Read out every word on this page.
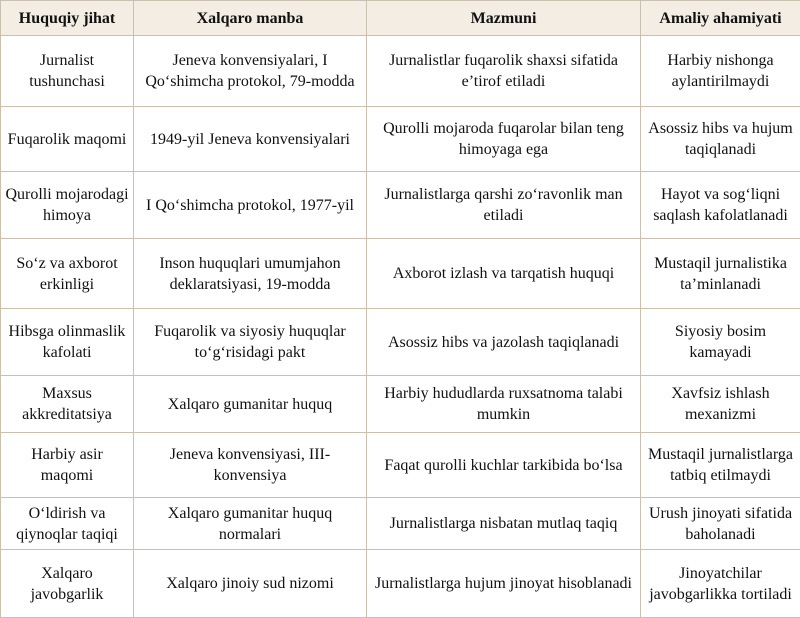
Huquqiy jihat	Xalqaro manba	Mazmuni	Amaliy ahamiyati
Jurnalist tushunchasi	Jeneva konvensiyalari, I Qo‘shimcha protokol, 79-modda	Jurnalistlar fuqarolik shaxsi sifatida e’tirof etiladi	Harbiy nishonga aylantirilmaydi
Fuqarolik maqomi	1949-yil Jeneva konvensiyalari	Qurolli mojaroda fuqarolar bilan teng himoyaga ega	Asossiz hibs va hujum taqiqlanadi
Qurolli mojarodagi himoya	I Qo‘shimcha protokol, 1977-yil	Jurnalistlarga qarshi zo‘ravonlik man etiladi	Hayot va sog‘liqni saqlash kafolatlanadi
So‘z va axborot erkinligi	Inson huquqlari umumjahon deklaratsiyasi, 19-modda	Axborot izlash va tarqatish huquqi	Mustaqil jurnalistika ta’minlanadi
Hibsga olinmaslik kafolati	Fuqarolik va siyosiy huquqlar to‘g‘risidagi pakt	Asossiz hibs va jazolash taqiqlanadi	Siyosiy bosim kamayadi
Maxsus akkreditatsiya	Xalqaro gumanitar huquq	Harbiy hududlarda ruxsatnoma talabi mumkin	Xavfsiz ishlash mexanizmi
Harbiy asir maqomi	Jeneva konvensiyasi, III-konvensiya	Faqat qurolli kuchlar tarkibida bo‘lsa	Mustaqil jurnalistlarga tatbiq etilmaydi
O‘ldirish va qiynoqlar taqiqi	Xalqaro gumanitar huquq normalari	Jurnalistlarga nisbatan mutlaq taqiq	Urush jinoyati sifatida baholanadi
Xalqaro javobgarlik	Xalqaro jinoiy sud nizomi	Jurnalistlarga hujum jinoyat hisoblanadi	Jinoyatchilar javobgarlikka tortiladi
